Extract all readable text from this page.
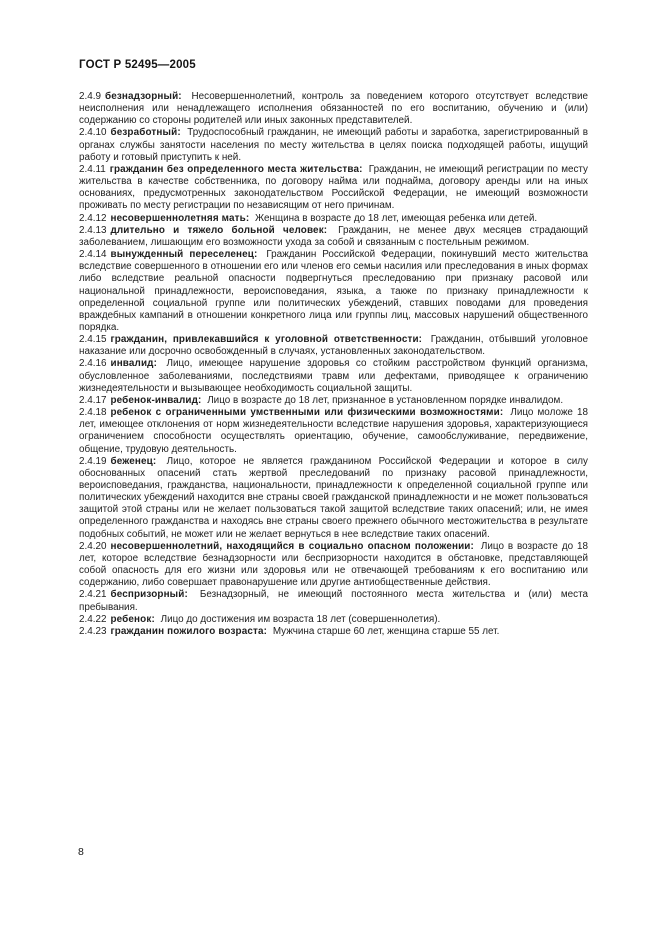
ГОСТ Р 52495—2005

2.4.9 безнадзорный: Несовершеннолетний, контроль за поведением которого отсутствует вследствие неисполнения или ненадлежащего исполнения обязанностей по его воспитанию, обучению и (или) содержанию со стороны родителей или иных законных представителей.

2.4.10 безработный: Трудоспособный гражданин, не имеющий работы и заработка, зарегистрированный в органах службы занятости населения по месту жительства в целях поиска подходящей работы, ищущий работу и готовый приступить к ней.

2.4.11 гражданин без определенного места жительства: Гражданин, не имеющий регистрации по месту жительства в качестве собственника, по договору найма или поднайма, договору аренды или на иных основаниях, предусмотренных законодательством Российской Федерации, не имеющий возможности проживать по месту регистрации по независящим от него причинам.

2.4.12 несовершеннолетняя мать: Женщина в возрасте до 18 лет, имеющая ребенка или детей.

2.4.13 длительно и тяжело больной человек: Гражданин, не менее двух месяцев страдающий заболеванием, лишающим его возможности ухода за собой и связанным с постельным режимом.

2.4.14 вынужденный переселенец: Гражданин Российской Федерации, покинувший место жительства вследствие совершенного в отношении его или членов его семьи насилия или преследования в иных формах либо вследствие реальной опасности подвергнуться преследованию при признаку расовой или национальной принадлежности, вероисповедания, языка, а также по признаку принадлежности к определенной социальной группе или политических убеждений, ставших поводами для проведения враждебных кампаний в отношении конкретного лица или группы лиц, массовых нарушений общественного порядка.

2.4.15 гражданин, привлекавшийся к уголовной ответственности: Гражданин, отбывший уголовное наказание или досрочно освобожденный в случаях, установленных законодательством.

2.4.16 инвалид: Лицо, имеющее нарушение здоровья со стойким расстройством функций организма, обусловленное заболеваниями, последствиями травм или дефектами, приводящее к ограничению жизнедеятельности и вызывающее необходимость социальной защиты.

2.4.17 ребенок-инвалид: Лицо в возрасте до 18 лет, признанное в установленном порядке инвалидом.

2.4.18 ребенок с ограниченными умственными или физическими возможностями: Лицо моложе 18 лет, имеющее отклонения от норм жизнедеятельности вследствие нарушения здоровья, характеризующиеся ограничением способности осуществлять ориентацию, обучение, самообслуживание, передвижение, общение, трудовую деятельность.

2.4.19 беженец: Лицо, которое не является гражданином Российской Федерации и которое в силу обоснованных опасений стать жертвой преследований по признаку расовой принадлежности, вероисповедания, гражданства, национальности, принадлежности к определенной социальной группе или политических убеждений находится вне страны своей гражданской принадлежности и не может пользоваться защитой этой страны или не желает пользоваться такой защитой вследствие таких опасений; или, не имея определенного гражданства и находясь вне страны своего прежнего обычного местожительства в результате подобных событий, не может или не желает вернуться в нее вследствие таких опасений.

2.4.20 несовершеннолетний, находящийся в социально опасном положении: Лицо в возрасте до 18 лет, которое вследствие безнадзорности или беспризорности находится в обстановке, представляющей собой опасность для его жизни или здоровья или не отвечающей требованиям к его воспитанию или содержанию, либо совершает правонарушение или другие антиобщественные действия.

2.4.21 беспризорный: Безнадзорный, не имеющий постоянного места жительства и (или) места пребывания.

2.4.22 ребенок: Лицо до достижения им возраста 18 лет (совершеннолетия).

2.4.23 гражданин пожилого возраста: Мужчина старше 60 лет, женщина старше 55 лет.

8
